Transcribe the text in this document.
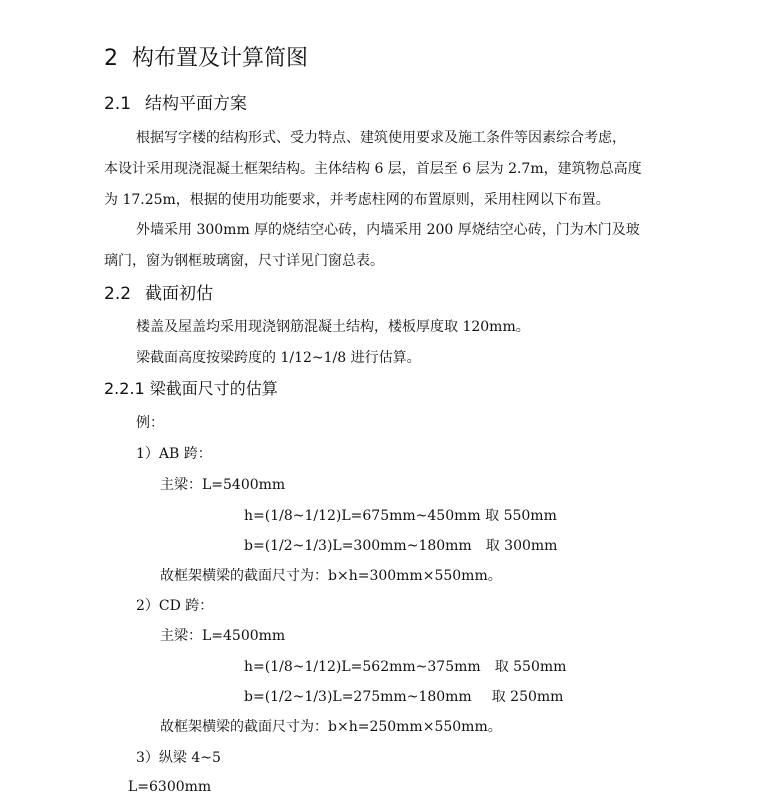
2 构布置及计算简图
2.1 结构平面方案
根据写字楼的结构形式、受力特点、建筑使用要求及施工条件等因素综合考虑，
本设计采用现浇混凝土框架结构。主体结构 6 层，首层至 6 层为 2.7m，建筑物总高度
为 17.25m，根据的使用功能要求，并考虑柱网的布置原则，采用柱网以下布置。
外墙采用 300mm 厚的烧结空心砖，内墙采用 200 厚烧结空心砖，门为木门及玻
璃门，窗为钢框玻璃窗，尺寸详见门窗总表。
2.2 截面初估
楼盖及屋盖均采用现浇钢筋混凝土结构，楼板厚度取 120mm。
梁截面高度按梁跨度的 1/12~1/8 进行估算。
2.2.1 梁截面尺寸的估算
例：
1）AB 跨：
主梁：L=5400mm
h=(1/8~1/12)L=675mm~450mm 取 550mm
b=(1/2~1/3)L=300mm~180mm 取 300mm
故框架横梁的截面尺寸为：b×h=300mm×550mm。
2）CD 跨：
主梁：L=4500mm
h=(1/8~1/12)L=562mm~375mm 取 550mm
b=(1/2~1/3)L=275mm~180mm 取 250mm
故框架横梁的截面尺寸为：b×h=250mm×550mm。
3）纵梁 4~5
L=6300mm
